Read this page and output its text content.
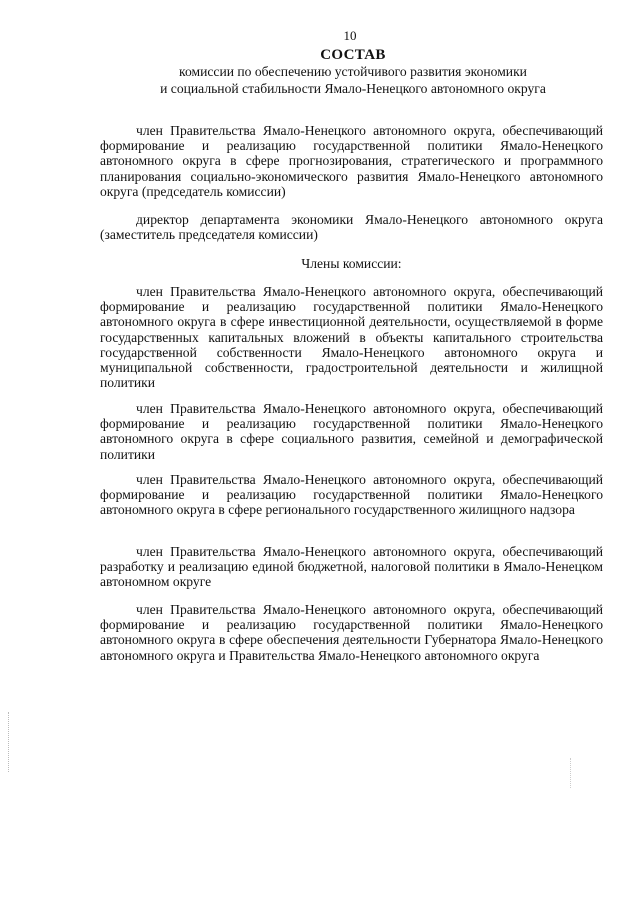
10
СОСТАВ
комиссии по обеспечению устойчивого развития экономики
и социальной стабильности Ямало-Ненецкого автономного округа

член Правительства Ямало-Ненецкого автономного округа, обеспечивающий формирование и реализацию государственной политики Ямало-Ненецкого автономного округа в сфере прогнозирования, стратегического и программного планирования социально-экономического развития Ямало-Ненецкого автономного округа (председатель комиссии)

директор департамента экономики Ямало-Ненецкого автономного округа (заместитель председателя комиссии)

Члены комиссии:

член Правительства Ямало-Ненецкого автономного округа, обеспечивающий формирование и реализацию государственной политики Ямало-Ненецкого автономного округа в сфере инвестиционной деятельности, осуществляемой в форме государственных капитальных вложений в объекты капитального строительства государственной собственности Ямало-Ненецкого автономного округа и муниципальной собственности, градостроительной деятельности и жилищной политики

член Правительства Ямало-Ненецкого автономного округа, обеспечивающий формирование и реализацию государственной политики Ямало-Ненецкого автономного округа в сфере социального развития, семейной и демографической политики

член Правительства Ямало-Ненецкого автономного округа, обеспечивающий формирование и реализацию государственной политики Ямало-Ненецкого автономного округа в сфере регионального государственного жилищного надзора

член Правительства Ямало-Ненецкого автономного округа, обеспечивающий разработку и реализацию единой бюджетной, налоговой политики в Ямало-Ненецком автономном округе

член Правительства Ямало-Ненецкого автономного округа, обеспечивающий формирование и реализацию государственной политики Ямало-Ненецкого автономного округа в сфере обеспечения деятельности Губернатора Ямало-Ненецкого автономного округа и Правительства Ямало-Ненецкого автономного округа
